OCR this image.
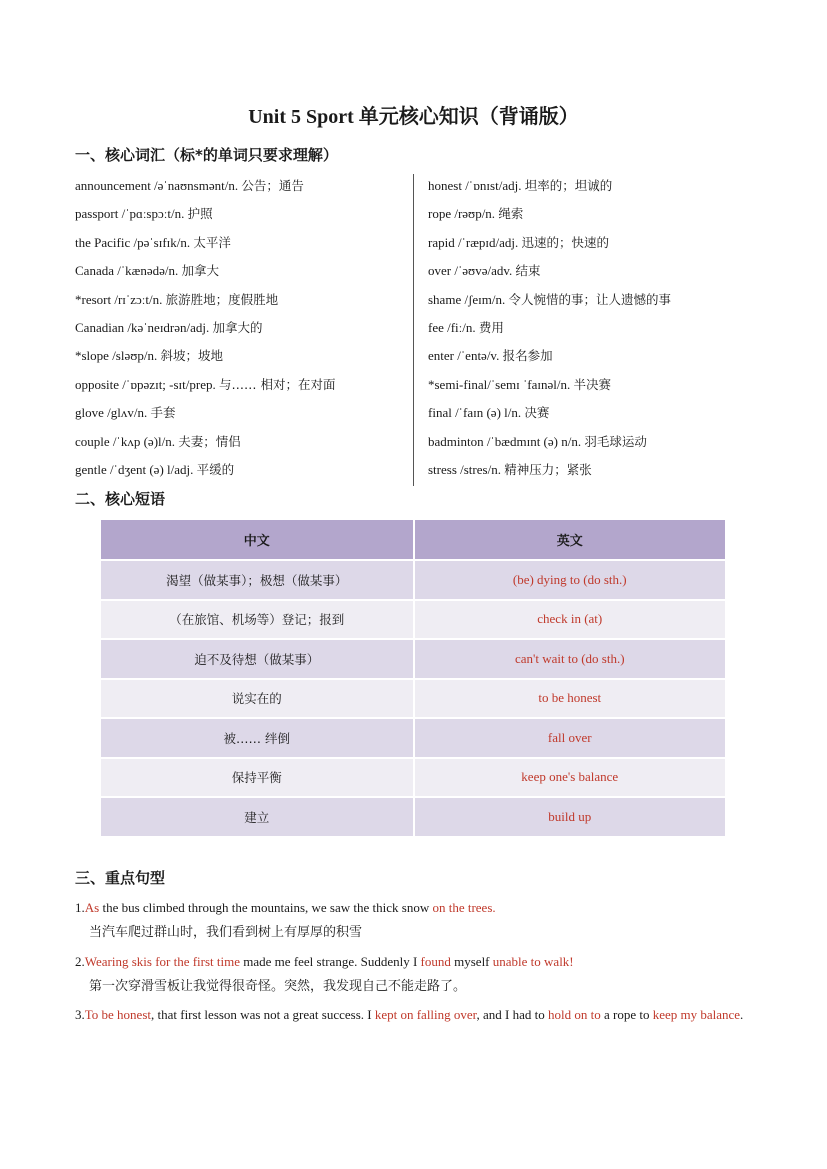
Unit 5 Sport 单元核心知识（背诵版）
一、核心词汇（标*的单词只要求理解）
announcement /əˈnaʊnsmənt/n. 公告；通告
passport /ˈpɑːspɔːt/n. 护照
the Pacific /pəˈsɪfɪk/n. 太平洋
Canada /ˈkænədə/n. 加拿大
*resort /rɪˈzɔːt/n. 旅游胜地；度假胜地
Canadian /kəˈneɪdrən/adj. 加拿大的
*slope /sləʊp/n. 斜坡；坡地
opposite /ˈɒpəzɪt; -sɪt/prep. 与…… 相对；在对面
glove /glʌv/n. 手套
couple /ˈkʌp (ə)l/n. 夫妻；情侣
gentle /ˈdʒent (ə) l/adj. 平缓的
honest /ˈɒnɪst/adj. 坦率的；坦诚的
rope /rəʊp/n. 绳索
rapid /ˈræpɪd/adj. 迅速的；快速的
over /ˈəʊvə/adv. 结束
shame /ʃeɪm/n. 令人惋惜的事；让人遗憾的事
fee /fiː/n. 费用
enter /ˈentə/v. 报名参加
*semi-final/ˈsemɪ ˈfaɪnəl/n. 半决赛
final /ˈfaɪn (ə) l/n. 决赛
badminton /ˈbædmɪnt (ə) n/n. 羽毛球运动
stress /stres/n. 精神压力；紧张
二、核心短语
中文	英文
渴望（做某事）；极想（做某事）	(be) dying to (do sth.)
（在旅馆、机场等）登记；报到	check in (at)
迫不及待想（做某事）	can't wait to (do sth.)
说实在的	to be honest
被…… 绊倒	fall over
保持平衡	keep one's balance
建立	build up
三、重点句型
1.As the bus climbed through the mountains, we saw the thick snow on the trees.
当汽车爬过群山时，我们看到树上有厚厚的积雪
2.Wearing skis for the first time made me feel strange. Suddenly I found myself unable to walk!
第一次穿滑雪板让我觉得很奇怪。突然，我发现自己不能走路了。
3.To be honest, that first lesson was not a great success. I kept on falling over, and I had to hold on to a rope to keep my balance.
